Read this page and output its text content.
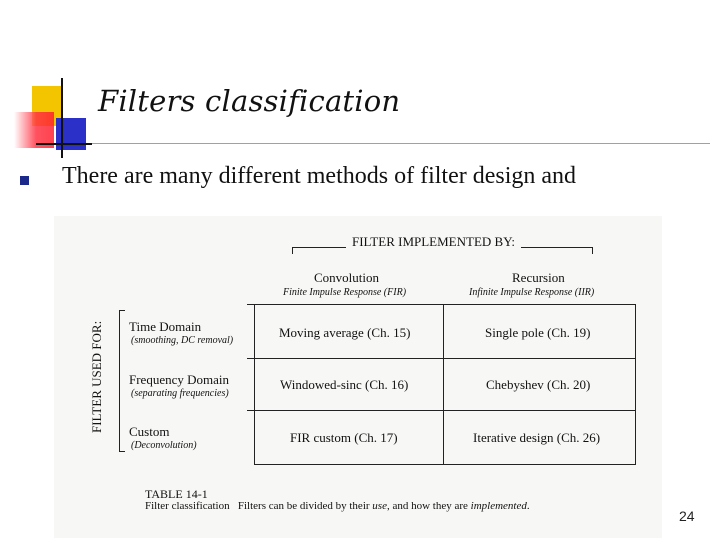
Filters classification
There are many different methods of filter design and
FILTER IMPLEMENTED BY:
Convolution
Finite Impulse Response (FIR)
Recursion
Infinite Impulse Response (IIR)
FILTER USED FOR: Time Domain
(smoothing, DC removal)
Moving average (Ch. 15)	Single pole (Ch. 19)
Frequency Domain
(separating frequencies)
Windowed-sinc (Ch. 16)	Chebyshev (Ch. 20)
Custom
(Deconvolution)
FIR custom (Ch. 17)	Iterative design (Ch. 26)
TABLE 14-1
Filter classification Filters can be divided by their use, and how they are implemented.
24
